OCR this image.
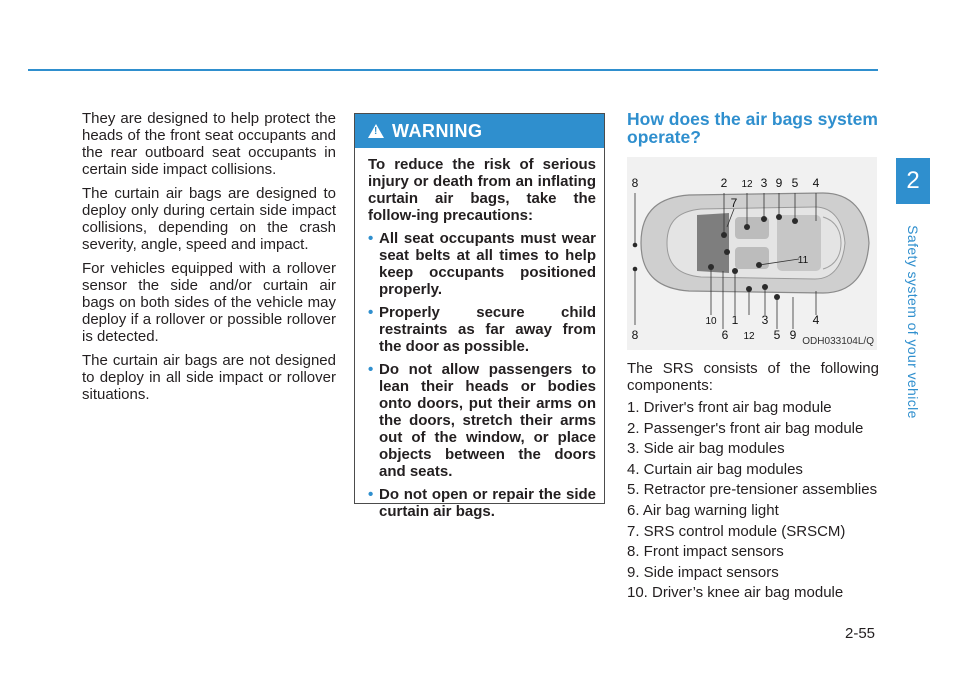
2
Safety system of your vehicle

They are designed to help protect the heads of the front seat occupants and the rear outboard seat occupants in certain side impact collisions.

The curtain air bags are designed to deploy only during certain side impact collisions, depending on the crash severity, angle, speed and impact.

For vehicles equipped with a rollover sensor the side and/or curtain air bags on both sides of the vehicle may deploy if a rollover or possible rollover is detected.

The curtain air bags are not designed to deploy in all side impact or rollover situations.

!
WARNING

To reduce the risk of serious injury or death from an inflating curtain air bags, take the follow-ing precautions:

• All seat occupants must wear seat belts at all times to help keep occupants positioned properly.
• Properly secure child restraints as far away from the door as possible.
• Do not allow passengers to lean their heads or bodies onto doors, put their arms on the doors, stretch their arms out of the window, or place objects between the doors and seats.
• Do not open or repair the side curtain air bags.
How does the air bags system operate?
8	2 12 3 9 5 4
7
11
8
10 1 3	4
6 12 5 9 ODH033104L/Q

The SRS consists of the following components:

1. Driver's front air bag module
2. Passenger's front air bag module
3. Side air bag modules
4. Curtain air bag modules
5. Retractor pre-tensioner assemblies
6. Air bag warning light
7. SRS control module (SRSCM)
8. Front impact sensors
9. Side impact sensors
10. Driver’s knee air bag module
2-55
